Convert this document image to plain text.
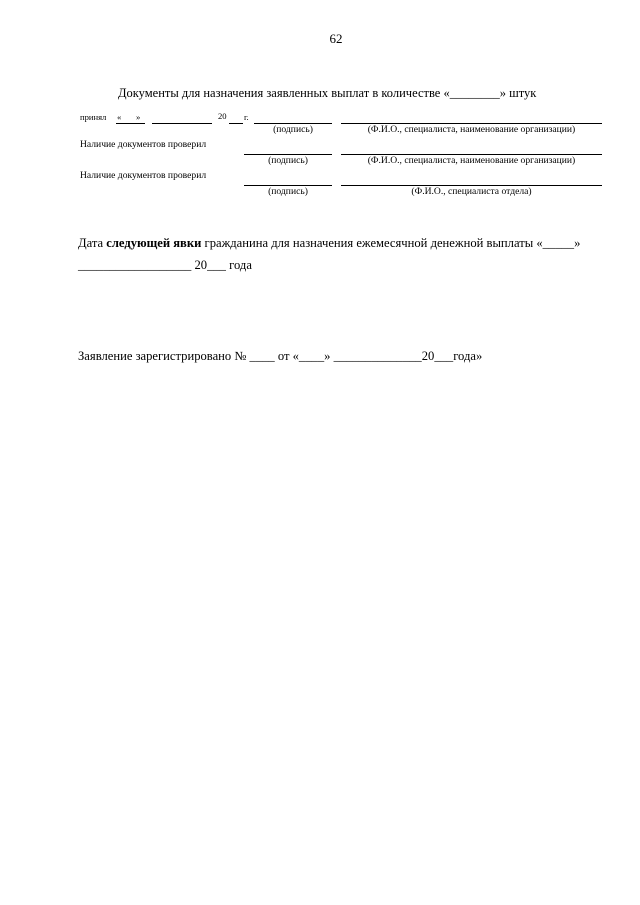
62
Документы для назначения заявленных выплат в количестве «________» штук
принял « »	20 г.
(подпись)	(Ф.И.О., специалиста, наименование организации)
Наличие документов проверил
(подпись)	(Ф.И.О., специалиста, наименование организации)
Наличие документов проверил
(подпись)	(Ф.И.О., специалиста отдела)
Дата следующей явки гражданина для назначения ежемесячной денежной выплаты «_____»
__________________ 20___ года
Заявление зарегистрировано № ____ от «____» ______________20___года»
